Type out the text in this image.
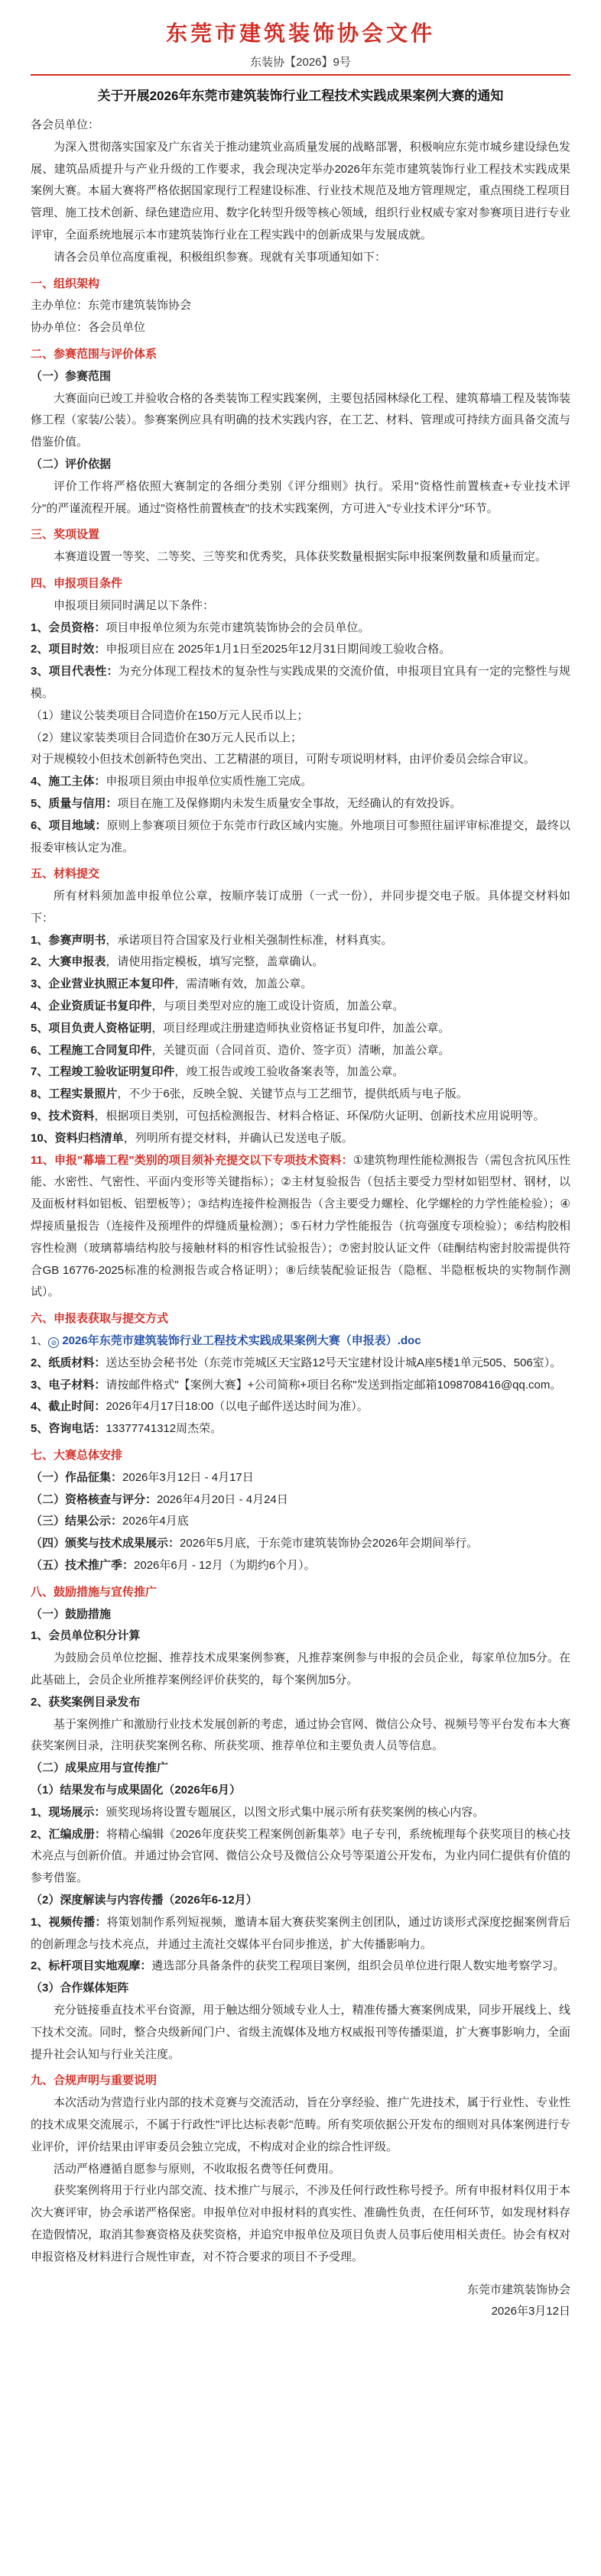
东莞市建筑装饰协会文件
东装协【2026】9号
关于开展2026年东莞市建筑装饰行业工程技术实践成果案例大赛的通知

各会员单位：

为深入贯彻落实国家及广东省关于推动建筑业高质量发展的战略部署，积极响应东莞市城乡建设绿色发展、建筑品质提升与产业升级的工作要求，我会现决定举办2026年东莞市建筑装饰行业工程技术实践成果案例大赛。本届大赛将严格依据国家现行工程建设标准、行业技术规范及地方管理规定，重点围绕工程项目管理、施工技术创新、绿色建造应用、数字化转型升级等核心领域，组织行业权威专家对参赛项目进行专业评审，全面系统地展示本市建筑装饰行业在工程实践中的创新成果与发展成就。

请各会员单位高度重视，积极组织参赛。现就有关事项通知如下：

一、组织架构

主办单位：东莞市建筑装饰协会

协办单位：各会员单位

二、参赛范围与评价体系

（一）参赛范围

大赛面向已竣工并验收合格的各类装饰工程实践案例，主要包括园林绿化工程、建筑幕墙工程及装饰装修工程（家装/公装）。参赛案例应具有明确的技术实践内容，在工艺、材料、管理或可持续方面具备交流与借鉴价值。

（二）评价依据

评价工作将严格依照大赛制定的各细分类别《评分细则》执行。采用"资格性前置核查+专业技术评分"的严谨流程开展。通过"资格性前置核查"的技术实践案例，方可进入"专业技术评分"环节。

三、奖项设置

本赛道设置一等奖、二等奖、三等奖和优秀奖，具体获奖数量根据实际申报案例数量和质量而定。

四、申报项目条件

申报项目须同时满足以下条件：

1、会员资格：项目申报单位须为东莞市建筑装饰协会的会员单位。

2、项目时效：申报项目应在 2025年1月1日至2025年12月31日期间竣工验收合格。

3、项目代表性：为充分体现工程技术的复杂性与实践成果的交流价值，申报项目宜具有一定的完整性与规模。

（1）建议公装类项目合同造价在150万元人民币以上；

（2）建议家装类项目合同造价在30万元人民币以上；

对于规模较小但技术创新特色突出、工艺精湛的项目，可附专项说明材料，由评价委员会综合审议。

4、施工主体：申报项目须由申报单位实质性施工完成。

5、质量与信用：项目在施工及保修期内未发生质量安全事故，无经确认的有效投诉。

6、项目地域：原则上参赛项目须位于东莞市行政区域内实施。外地项目可参照往届评审标准提交，最终以报委审核认定为准。

五、材料提交

所有材料须加盖申报单位公章，按顺序装订成册（一式一份），并同步提交电子版。具体提交材料如下：

1、参赛声明书，承诺项目符合国家及行业相关强制性标准，材料真实。

2、大赛申报表，请使用指定模板，填写完整，盖章确认。

3、企业营业执照正本复印件，需清晰有效，加盖公章。

4、企业资质证书复印件，与项目类型对应的施工或设计资质，加盖公章。

5、项目负责人资格证明，项目经理或注册建造师执业资格证书复印件，加盖公章。

6、工程施工合同复印件，关键页面（合同首页、造价、签字页）清晰，加盖公章。

7、工程竣工验收证明复印件，竣工报告或竣工验收备案表等，加盖公章。

8、工程实景照片，不少于6张，反映全貌、关键节点与工艺细节，提供纸质与电子版。

9、技术资料，根据项目类别，可包括检测报告、材料合格证、环保/防火证明、创新技术应用说明等。

10、资料归档清单，列明所有提交材料，并确认已发送电子版。

11、申报"幕墙工程"类别的项目须补充提交以下专项技术资料：①建筑物理性能检测报告（需包含抗风压性能、水密性、气密性、平面内变形等关键指标）；②主材复验报告（包括主要受力型材如铝型材、钢材，以及面板材料如铝板、铝塑板等）；③结构连接件检测报告（含主要受力螺栓、化学螺栓的力学性能检验）；④焊接质量报告（连接件及预埋件的焊缝质量检测）；⑤石材力学性能报告（抗弯强度专项检验）；⑥结构胶相容性检测（玻璃幕墙结构胶与接触材料的相容性试验报告）；⑦密封胶认证文件（硅酮结构密封胶需提供符合GB 16776-2025标准的检测报告或合格证明）；⑧后续装配验证报告（隐框、半隐框板块的实物制作测试）。

六、申报表获取与提交方式

1、 ⊘ 2026年东莞市建筑装饰行业工程技术实践成果案例大赛（申报表）.doc

2、纸质材料：送达至协会秘书处（东莞市莞城区天宝路12号天宝建材设计城A座5楼1单元505、506室）。

3、电子材料：请按邮件格式"【案例大赛】+公司简称+项目名称"发送到指定邮箱1098708416@qq.com。

4、截止时间：2026年4月17日18:00（以电子邮件送达时间为准）。

5、咨询电话：13377741312周杰荣。

七、大赛总体安排

（一）作品征集：2026年3月12日 - 4月17日

（二）资格核查与评分：2026年4月20日 - 4月24日

（三）结果公示：2026年4月底

（四）颁奖与技术成果展示：2026年5月底，于东莞市建筑装饰协会2026年会期间举行。

（五）技术推广季：2026年6月 - 12月（为期约6个月）。

八、鼓励措施与宣传推广

（一）鼓励措施

1、会员单位积分计算

为鼓励会员单位挖掘、推荐技术成果案例参赛，凡推荐案例参与申报的会员企业，每家单位加5分。在此基础上，会员企业所推荐案例经评价获奖的，每个案例加5分。

2、获奖案例目录发布

基于案例推广和激励行业技术发展创新的考虑，通过协会官网、微信公众号、视频号等平台发布本大赛获奖案例目录，注明获奖案例名称、所获奖项、推荐单位和主要负责人员等信息。

（二）成果应用与宣传推广

（1）结果发布与成果固化（2026年6月）

1、现场展示：颁奖现场将设置专题展区，以图文形式集中展示所有获奖案例的核心内容。

2、汇编成册：将精心编辑《2026年度获奖工程案例创新集萃》电子专刊，系统梳理每个获奖项目的核心技术亮点与创新价值。并通过协会官网、微信公众号及微信公众号等渠道公开发布，为业内同仁提供有价值的参考借鉴。

（2）深度解读与内容传播（2026年6-12月）

1、视频传播：将策划制作系列短视频，邀请本届大赛获奖案例主创团队，通过访谈形式深度挖掘案例背后的创新理念与技术亮点，并通过主流社交媒体平台同步推送，扩大传播影响力。

2、标杆项目实地观摩：遴选部分具备条件的获奖工程项目案例，组织会员单位进行限人数实地考察学习。

（3）合作媒体矩阵

充分链接垂直技术平台资源，用于触达细分领域专业人士，精准传播大赛案例成果，同步开展线上、线下技术交流。同时，整合央级新闻门户、省级主流媒体及地方权威报刊等传播渠道，扩大赛事影响力，全面提升社会认知与行业关注度。

九、合规声明与重要说明

本次活动为营造行业内部的技术竞赛与交流活动，旨在分享经验、推广先进技术，属于行业性、专业性的技术成果交流展示，不属于行政性"评比达标表彰"范畴。所有奖项依据公开发布的细则对具体案例进行专业评价，评价结果由评审委员会独立完成，不构成对企业的综合性评级。

活动严格遵循自愿参与原则，不收取报名费等任何费用。

获奖案例将用于行业内部交流、技术推广与展示，不涉及任何行政性称号授予。所有申报材料仅用于本次大赛评审，协会承诺严格保密。申报单位对申报材料的真实性、准确性负责，在任何环节，如发现材料存在造假情况，取消其参赛资格及获奖资格，并追究申报单位及项目负责人员事后使用相关责任。协会有权对申报资格及材料进行合规性审查，对不符合要求的项目不予受理。

东莞市建筑装饰协会
2026年3月12日
